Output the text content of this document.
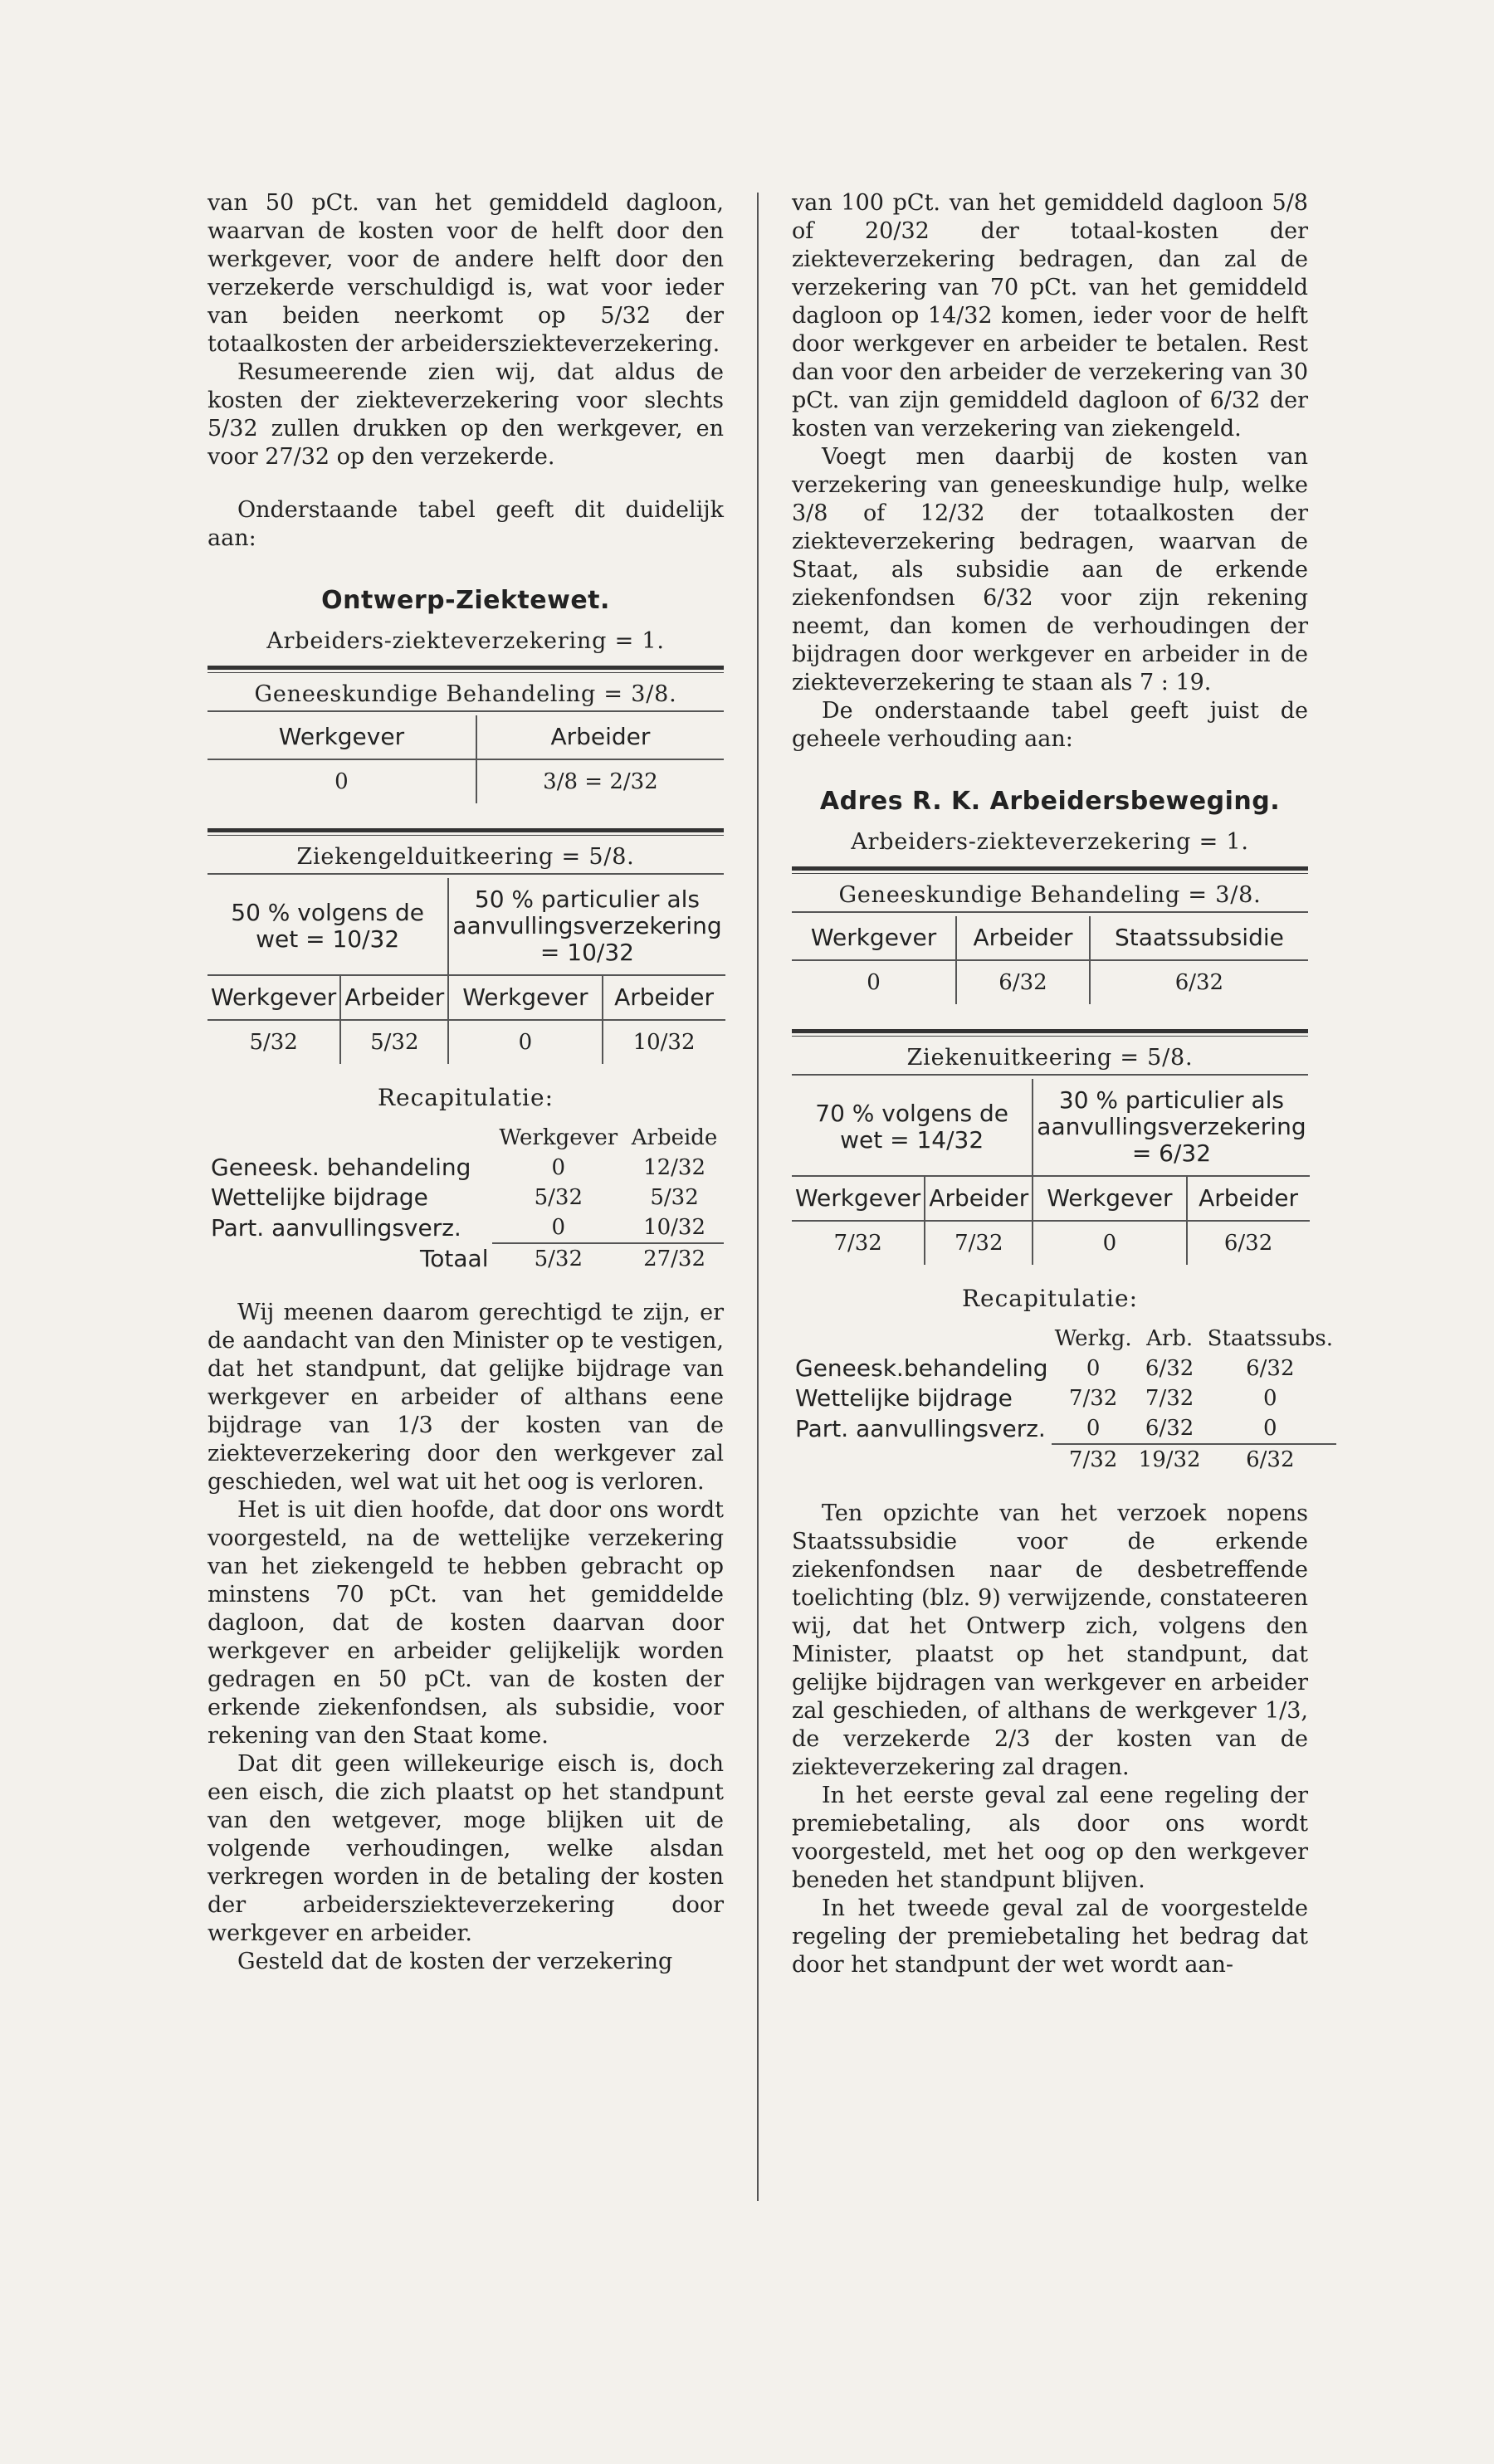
van 50 pCt. van het gemiddeld dagloon, waarvan de kosten voor de helft door den werkgever, voor de andere helft door den verzekerde verschuldigd is, wat voor ieder van beiden neerkomt op 5/32 der totaalkosten der arbeidersziekteverzekering.

Resumeerende zien wij, dat aldus de kosten der ziekteverzekering voor slechts 5/32 zullen drukken op den werkgever, en voor 27/32 op den verzekerde.

Onderstaande tabel geeft dit duidelijk aan:

Ontwerp-Ziektewet.
Arbeiders-ziekteverzekering = 1.
Geneeskundige Behandeling = 3/8.
Werkgever	Arbeider
0	3/8 = 2/32
Ziekengelduitkeering = 5/8.
50 % volgens de wet = 10/32		50 % particulier als aanvullingsverzekering = 10/32	
Werkgever	Arbeider	Werkgever	Arbeider
5/32	5/32	0	10/32
Recapitulatie:
	Werkgever	Arbeide
Geneesk. behandeling	0	12/32
Wettelijke bijdrage	5/32	5/32
Part. aanvullingsverz.	0	10/32
Totaal	5/32	27/32

Wij meenen daarom gerechtigd te zijn, er de aandacht van den Minister op te vestigen, dat het standpunt, dat gelijke bijdrage van werkgever en arbeider of althans eene bijdrage van 1/3 der kosten van de ziekteverzekering door den werkgever zal geschieden, wel wat uit het oog is verloren.

Het is uit dien hoofde, dat door ons wordt voorgesteld, na de wettelijke verzekering van het ziekengeld te hebben gebracht op minstens 70 pCt. van het gemiddelde dagloon, dat de kosten daarvan door werkgever en arbeider gelijkelijk worden gedragen en 50 pCt. van de kosten der erkende ziekenfondsen, als subsidie, voor rekening van den Staat kome.

Dat dit geen willekeurige eisch is, doch een eisch, die zich plaatst op het standpunt van den wetgever, moge blijken uit de volgende verhoudingen, welke alsdan verkregen worden in de betaling der kosten der arbeidersziekteverzekering door werkgever en arbeider.

Gesteld dat de kosten der verzekering

van 100 pCt. van het gemiddeld dagloon 5/8 of 20/32 der totaal-kosten der ziekteverzekering bedragen, dan zal de verzekering van 70 pCt. van het gemiddeld dagloon op 14/32 komen, ieder voor de helft door werkgever en arbeider te betalen. Rest dan voor den arbeider de verzekering van 30 pCt. van zijn gemiddeld dagloon of 6/32 der kosten van verzekering van ziekengeld.

Voegt men daarbij de kosten van verzekering van geneeskundige hulp, welke 3/8 of 12/32 der totaalkosten der ziekteverzekering bedragen, waarvan de Staat, als subsidie aan de erkende ziekenfondsen 6/32 voor zijn rekening neemt, dan komen de verhoudingen der bijdragen door werkgever en arbeider in de ziekteverzekering te staan als 7 : 19.

De onderstaande tabel geeft juist de geheele verhouding aan:

Adres R. K. Arbeidersbeweging.
Arbeiders-ziekteverzekering = 1.
Geneeskundige Behandeling = 3/8.
Werkgever	Arbeider	Staatssubsidie
0	6/32	6/32
Ziekenuitkeering = 5/8.
70 % volgens de wet = 14/32		30 % particulier als aanvullingsverzekering = 6/32	
Werkgever	Arbeider	Werkgever	Arbeider
7/32	7/32	0	6/32
Recapitulatie:
	Werkg.	Arb.	Staatssubs.
Geneesk.behandeling	0	6/32	6/32
Wettelijke bijdrage	7/32	7/32	0
Part. aanvullingsverz.	0	6/32	0
	7/32	19/32	6/32

Ten opzichte van het verzoek nopens Staatssubsidie voor de erkende ziekenfondsen naar de desbetreffende toelichting (blz. 9) verwijzende, constateeren wij, dat het Ontwerp zich, volgens den Minister, plaatst op het standpunt, dat gelijke bijdragen van werkgever en arbeider zal geschieden, of althans de werkgever 1/3, de verzekerde 2/3 der kosten van de ziekteverzekering zal dragen.

In het eerste geval zal eene regeling der premiebetaling, als door ons wordt voorgesteld, met het oog op den werkgever beneden het standpunt blijven.

In het tweede geval zal de voorgestelde regeling der premiebetaling het bedrag dat door het standpunt der wet wordt aan-
